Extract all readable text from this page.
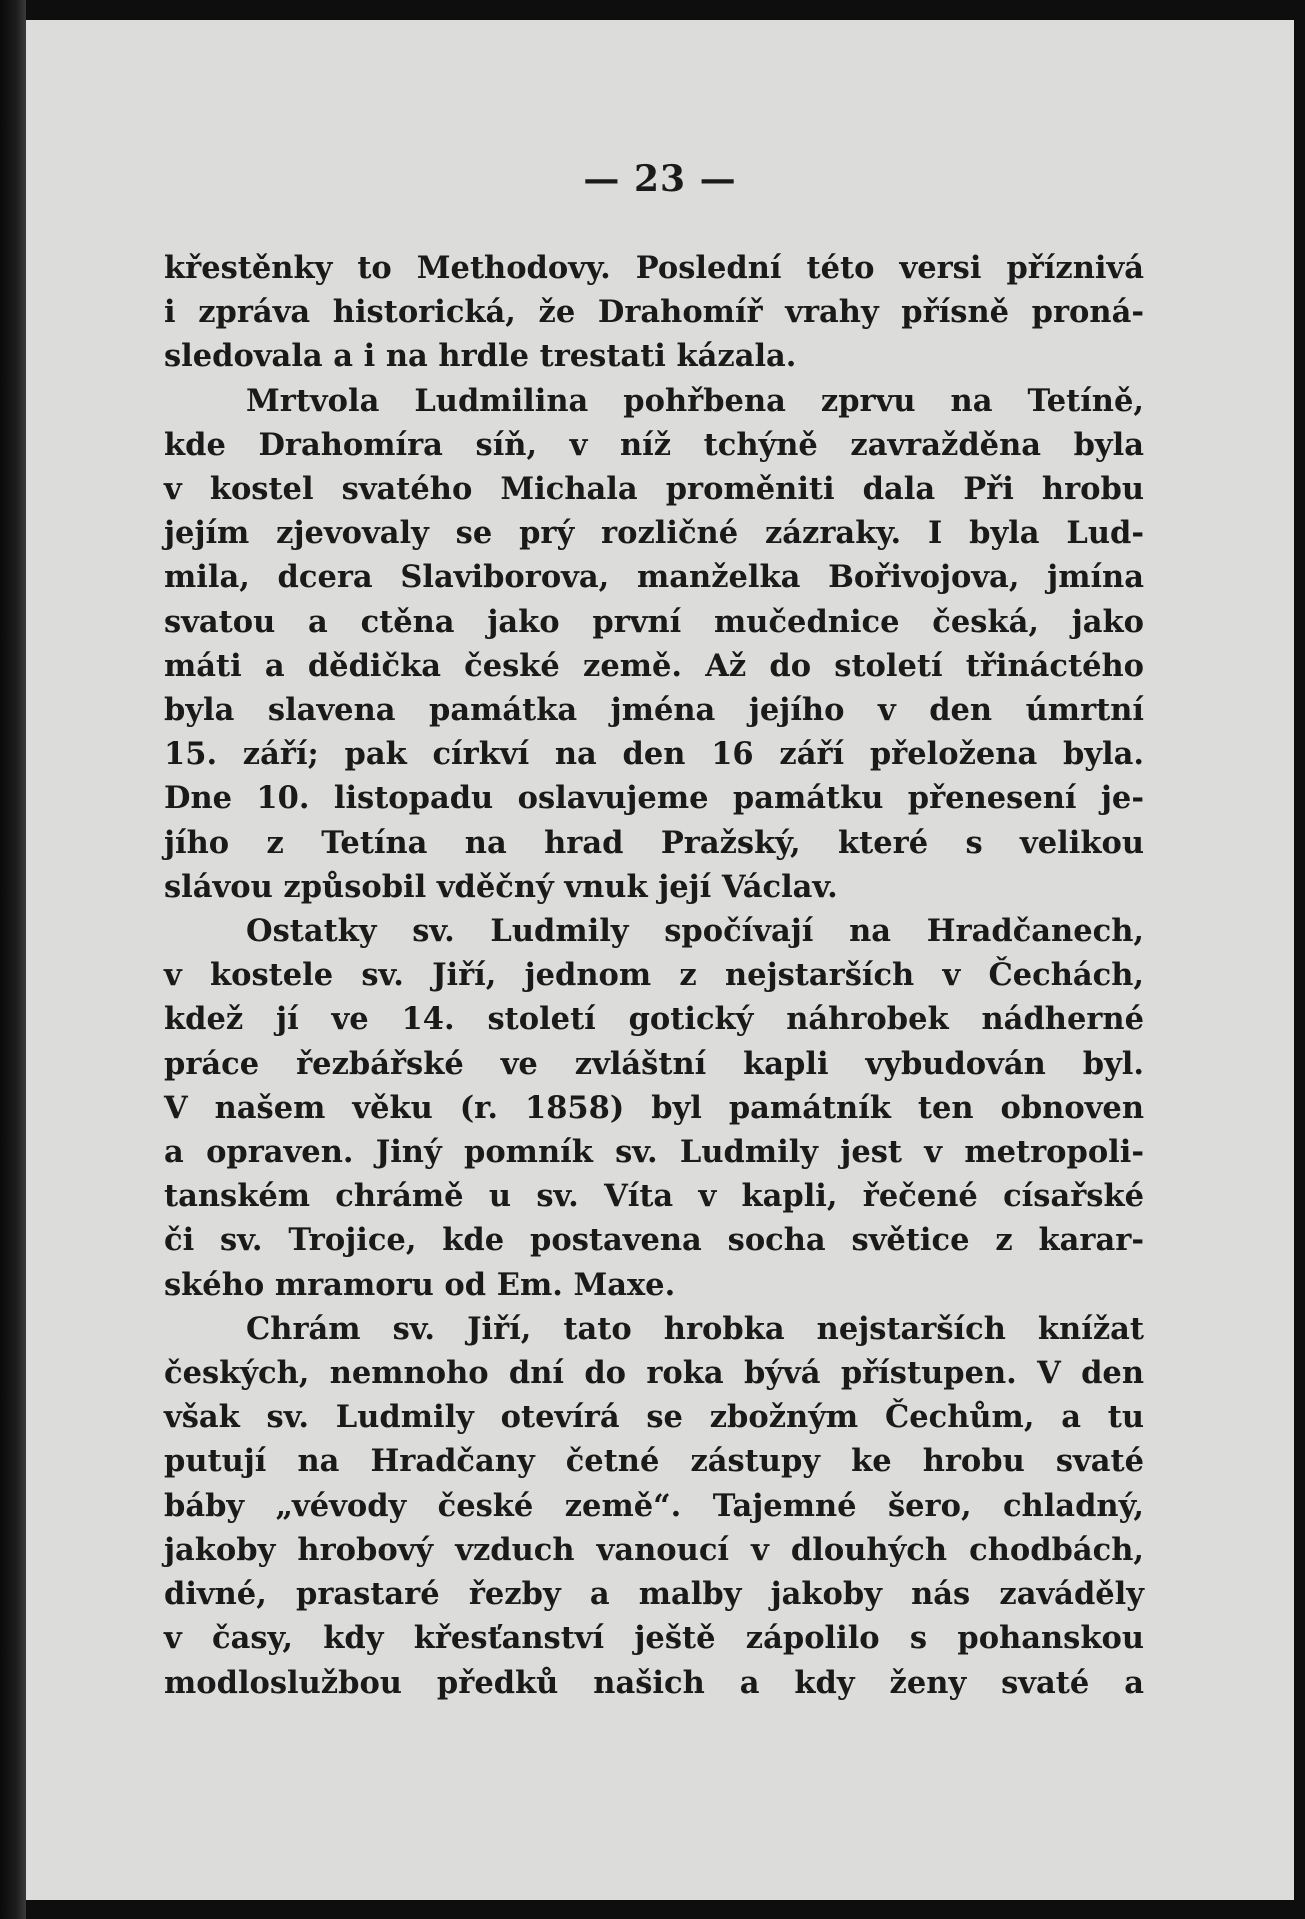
— 23 —
křestěnky to Methodovy. Poslední této versi příznivá
i zpráva historická, že Drahomíř vrahy přísně proná-
sledovala a i na hrdle trestati kázala.
Mrtvola Ludmilina pohřbena zprvu na Tetíně,
kde Drahomíra síň, v níž tchýně zavražděna byla
v kostel svatého Michala proměniti dala Při hrobu
jejím zjevovaly se prý rozličné zázraky. I byla Lud-
mila, dcera Slaviborova, manželka Bořivojova, jmína
svatou a ctěna jako první mučednice česká, jako
máti a dědička české země. Až do století třináctého
byla slavena památka jména jejího v den úmrtní
15. září; pak církví na den 16 září přeložena byla.
Dne 10. listopadu oslavujeme památku přenesení je-
jího z Tetína na hrad Pražský, které s velikou
slávou způsobil vděčný vnuk její Václav.
Ostatky sv. Ludmily spočívají na Hradčanech,
v kostele sv. Jiří, jednom z nejstarších v Čechách,
kdež jí ve 14. století gotický náhrobek nádherné
práce řezbářské ve zvláštní kapli vybudován byl.
V našem věku (r. 1858) byl památník ten obnoven
a opraven. Jiný pomník sv. Ludmily jest v metropoli-
tanském chrámě u sv. Víta v kapli, řečené císařské
či sv. Trojice, kde postavena socha světice z karar-
ského mramoru od Em. Maxe.
Chrám sv. Jiří, tato hrobka nejstarších knížat
českých, nemnoho dní do roka bývá přístupen. V den
však sv. Ludmily otevírá se zbožným Čechům, a tu
putují na Hradčany četné zástupy ke hrobu svaté
báby „vévody české země“. Tajemné šero, chladný,
jakoby hrobový vzduch vanoucí v dlouhých chodbách,
divné, prastaré řezby a malby jakoby nás zaváděly
v časy, kdy křesťanství ještě zápolilo s pohanskou
modloslužbou předků našich a kdy ženy svaté a
